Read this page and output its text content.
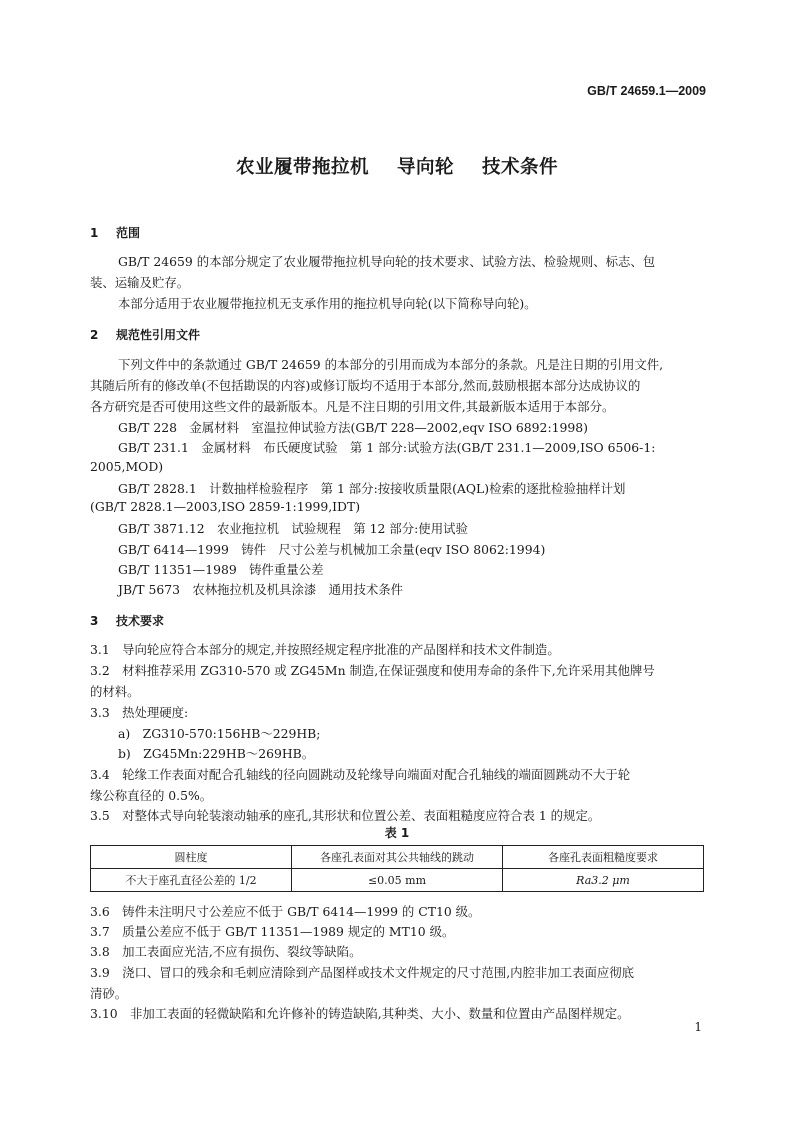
GB/T 24659.1—2009
农业履带拖拉机 导向轮 技术条件
1 范围
GB/T 24659 的本部分规定了农业履带拖拉机导向轮的技术要求、试验方法、检验规则、标志、包
装、运输及贮存。
本部分适用于农业履带拖拉机无支承作用的拖拉机导向轮(以下简称导向轮)。
2 规范性引用文件
下列文件中的条款通过 GB/T 24659 的本部分的引用而成为本部分的条款。凡是注日期的引用文件,
其随后所有的修改单(不包括勘误的内容)或修订版均不适用于本部分,然而,鼓励根据本部分达成协议的
各方研究是否可使用这些文件的最新版本。凡是不注日期的引用文件,其最新版本适用于本部分。
GB/T 228　金属材料　室温拉伸试验方法(GB/T 228—2002,eqv ISO 6892:1998)
GB/T 231.1　金属材料　布氏硬度试验　第 1 部分:试验方法(GB/T 231.1—2009,ISO 6506-1:
2005,MOD)
GB/T 2828.1　计数抽样检验程序　第 1 部分:按接收质量限(AQL)检索的逐批检验抽样计划
(GB/T 2828.1—2003,ISO 2859-1:1999,IDT)
GB/T 3871.12　农业拖拉机　试验规程　第 12 部分:使用试验
GB/T 6414—1999　铸件　尺寸公差与机械加工余量(eqv ISO 8062:1994)
GB/T 11351—1989　铸件重量公差
JB/T 5673　农林拖拉机及机具涂漆　通用技术条件
3 技术要求
3.1　导向轮应符合本部分的规定,并按照经规定程序批准的产品图样和技术文件制造。
3.2　材料推荐采用 ZG310-570 或 ZG45Mn 制造,在保证强度和使用寿命的条件下,允许采用其他牌号
的材料。
3.3　热处理硬度:
a)　ZG310-570:156HB～229HB;
b)　ZG45Mn:229HB～269HB。
3.4　轮缘工作表面对配合孔轴线的径向圆跳动及轮缘导向端面对配合孔轴线的端面圆跳动不大于轮
缘公称直径的 0.5%。
3.5　对整体式导向轮装滚动轴承的座孔,其形状和位置公差、表面粗糙度应符合表 1 的规定。
表 1
圆柱度	各座孔表面对其公共轴线的跳动	各座孔表面粗糙度要求
不大于座孔直径公差的 1/2	≤0.05 mm	Ra3.2 μm
3.6　铸件未注明尺寸公差应不低于 GB/T 6414—1999 的 CT10 级。
3.7　质量公差应不低于 GB/T 11351—1989 规定的 MT10 级。
3.8　加工表面应光洁,不应有损伤、裂纹等缺陷。
3.9　浇口、冒口的残余和毛刺应清除到产品图样或技术文件规定的尺寸范围,内腔非加工表面应彻底
清砂。
3.10　非加工表面的轻微缺陷和允许修补的铸造缺陷,其种类、大小、数量和位置由产品图样规定。
1
